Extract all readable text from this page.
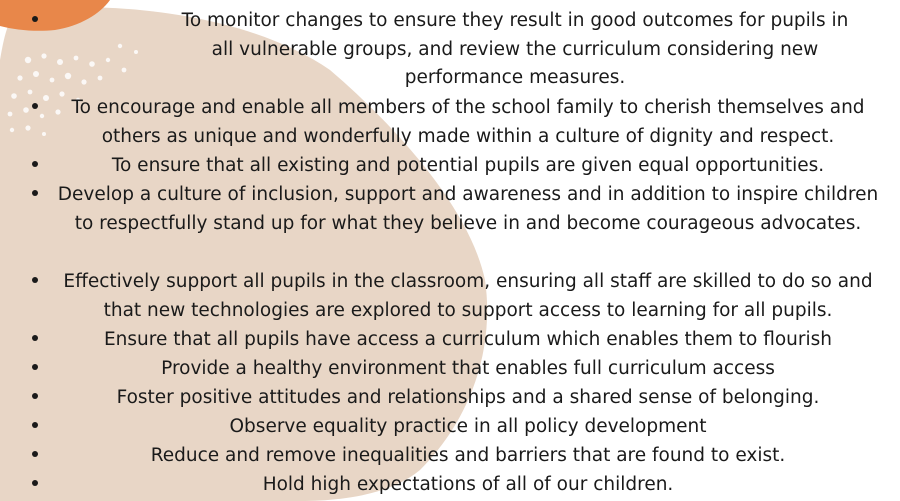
To monitor changes to ensure they result in good outcomes for pupils in all vulnerable groups, and review the curriculum considering new performance measures.
To encourage and enable all members of the school family to cherish themselves and others as unique and wonderfully made within a culture of dignity and respect.
To ensure that all existing and potential pupils are given equal opportunities.
Develop a culture of inclusion, support and awareness and in addition to inspire children to respectfully stand up for what they believe in and become courageous advocates.
Effectively support all pupils in the classroom, ensuring all staff are skilled to do so and that new technologies are explored to support access to learning for all pupils.
Ensure that all pupils have access a curriculum which enables them to flourish
Provide a healthy environment that enables full curriculum access
Foster positive attitudes and relationships and a shared sense of belonging.
Observe equality practice in all policy development
Reduce and remove inequalities and barriers that are found to exist.
Hold high expectations of all of our children.
